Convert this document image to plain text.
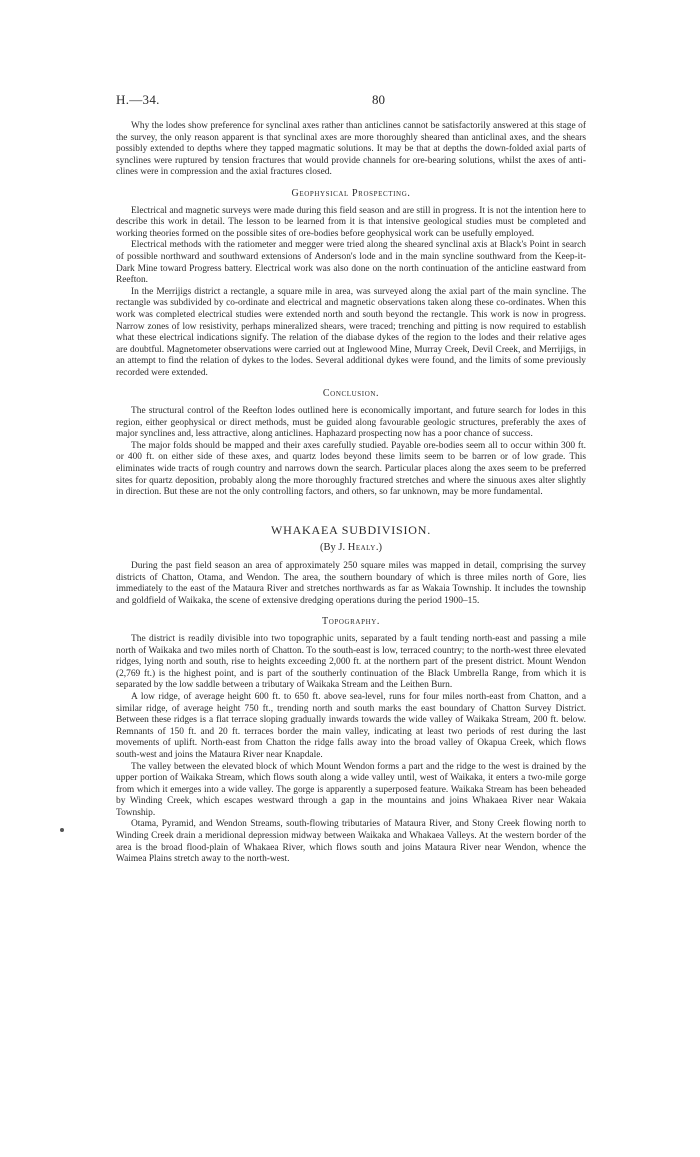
H.—34.	80

Why the lodes show preference for synclinal axes rather than anticlines cannot be satisfactorily answered at this stage of the survey, the only reason apparent is that synclinal axes are more thoroughly sheared than anticlinal axes, and the shears possibly extended to depths where they tapped magmatic solutions. It may be that at depths the down-folded axial parts of synclines were ruptured by tension fractures that would provide channels for ore-bearing solutions, whilst the axes of anti-clines were in compression and the axial fractures closed.

Geophysical Prospecting.

Electrical and magnetic surveys were made during this field season and are still in progress. It is not the intention here to describe this work in detail. The lesson to be learned from it is that intensive geological studies must be completed and working theories formed on the possible sites of ore-bodies before geophysical work can be usefully employed.

Electrical methods with the ratiometer and megger were tried along the sheared synclinal axis at Black's Point in search of possible northward and southward extensions of Anderson's lode and in the main syncline southward from the Keep-it-Dark Mine toward Progress battery. Electrical work was also done on the north continuation of the anticline eastward from Reefton.

In the Merrijigs district a rectangle, a square mile in area, was surveyed along the axial part of the main syncline. The rectangle was subdivided by co-ordinate and electrical and magnetic observations taken along these co-ordinates. When this work was completed electrical studies were extended north and south beyond the rectangle. This work is now in progress. Narrow zones of low resistivity, perhaps mineralized shears, were traced; trenching and pitting is now required to establish what these electrical indications signify. The relation of the diabase dykes of the region to the lodes and their relative ages are doubtful. Magnetometer observations were carried out at Inglewood Mine, Murray Creek, Devil Creek, and Merrijigs, in an attempt to find the relation of dykes to the lodes. Several additional dykes were found, and the limits of some previously recorded were extended.

Conclusion.

The structural control of the Reefton lodes outlined here is economically important, and future search for lodes in this region, either geophysical or direct methods, must be guided along favourable geologic structures, preferably the axes of major synclines and, less attractive, along anticlines. Haphazard prospecting now has a poor chance of success.

The major folds should be mapped and their axes carefully studied. Payable ore-bodies seem all to occur within 300 ft. or 400 ft. on either side of these axes, and quartz lodes beyond these limits seem to be barren or of low grade. This eliminates wide tracts of rough country and narrows down the search. Particular places along the axes seem to be preferred sites for quartz deposition, probably along the more thoroughly fractured stretches and where the sinuous axes alter slightly in direction. But these are not the only controlling factors, and others, so far unknown, may be more fundamental.

WHAKAEA SUBDIVISION.
(By J. Healy.)

During the past field season an area of approximately 250 square miles was mapped in detail, comprising the survey districts of Chatton, Otama, and Wendon. The area, the southern boundary of which is three miles north of Gore, lies immediately to the east of the Mataura River and stretches northwards as far as Wakaia Township. It includes the township and goldfield of Waikaka, the scene of extensive dredging operations during the period 1900–15.

Topography.

The district is readily divisible into two topographic units, separated by a fault tending north-east and passing a mile north of Waikaka and two miles north of Chatton. To the south-east is low, terraced country; to the north-west three elevated ridges, lying north and south, rise to heights exceeding 2,000 ft. at the northern part of the present district. Mount Wendon (2,769 ft.) is the highest point, and is part of the southerly continuation of the Black Umbrella Range, from which it is separated by the low saddle between a tributary of Waikaka Stream and the Leithen Burn.

A low ridge, of average height 600 ft. to 650 ft. above sea-level, runs for four miles north-east from Chatton, and a similar ridge, of average height 750 ft., trending north and south marks the east boundary of Chatton Survey District. Between these ridges is a flat terrace sloping gradually inwards towards the wide valley of Waikaka Stream, 200 ft. below. Remnants of 150 ft. and 20 ft. terraces border the main valley, indicating at least two periods of rest during the last movements of uplift. North-east from Chatton the ridge falls away into the broad valley of Okapua Creek, which flows south-west and joins the Mataura River near Knapdale.

The valley between the elevated block of which Mount Wendon forms a part and the ridge to the west is drained by the upper portion of Waikaka Stream, which flows south along a wide valley until, west of Waikaka, it enters a two-mile gorge from which it emerges into a wide valley. The gorge is apparently a superposed feature. Waikaka Stream has been beheaded by Winding Creek, which escapes westward through a gap in the mountains and joins Whakaea River near Wakaia Township.

Otama, Pyramid, and Wendon Streams, south-flowing tributaries of Mataura River, and Stony Creek flowing north to Winding Creek drain a meridional depression midway between Waikaka and Whakaea Valleys. At the western border of the area is the broad flood-plain of Whakaea River, which flows south and joins Mataura River near Wendon, whence the Waimea Plains stretch away to the north-west.
